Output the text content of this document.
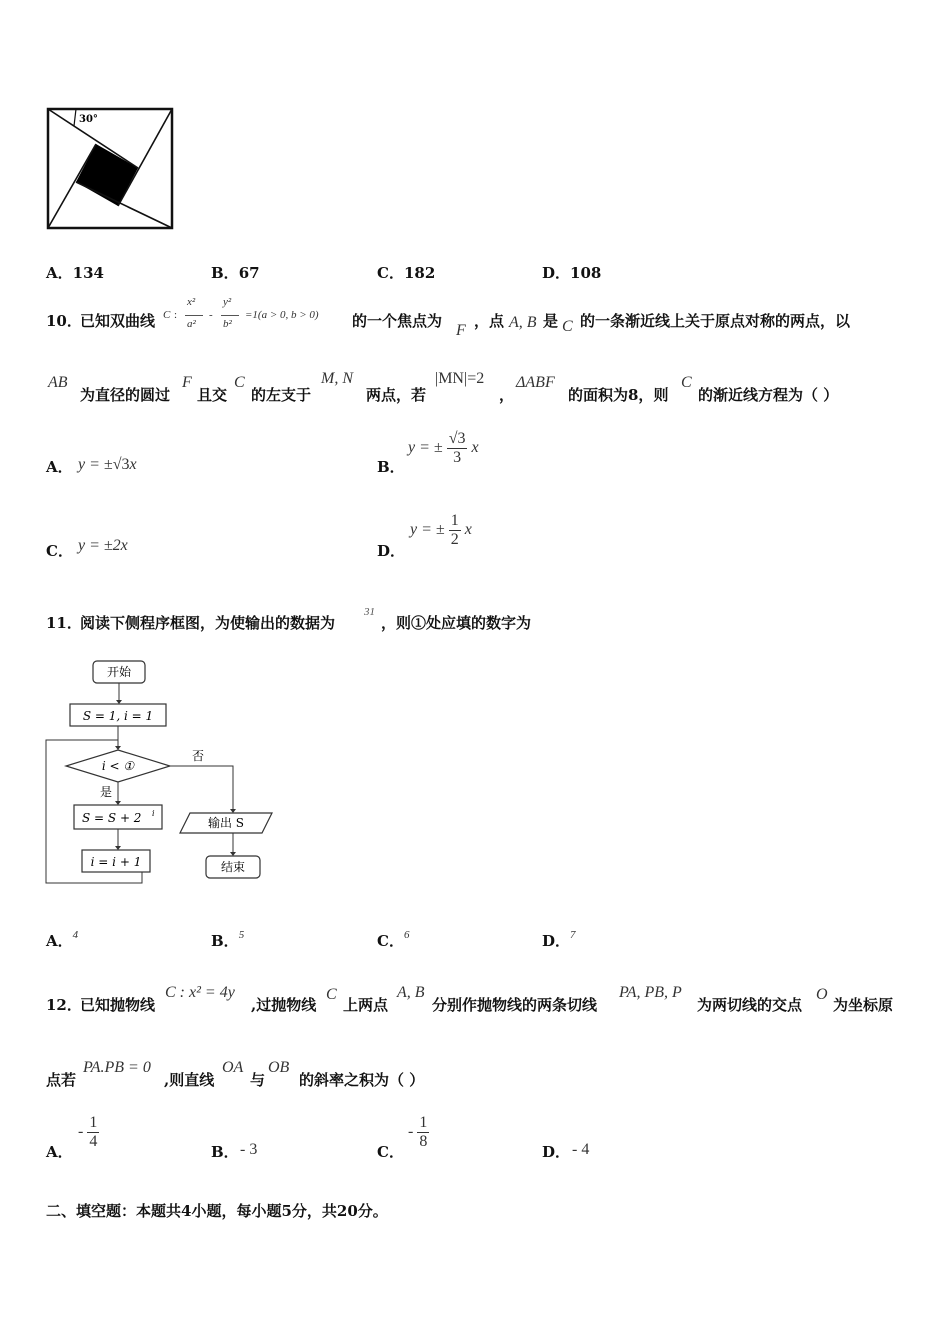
30°
A．134	B．67	C．182	D．108
10．
已知双曲线 C :
x²
a²
-
y²
b²
=1(a > 0, b > 0) 的一个焦点为
F
，点 A, B 是 C 的一条渐近线上关于原点对称的两点，以
AB
为直径的圆过
F
且交
C
的左支于
M, N
两点，若
|MN|=2
，
ΔABF
的面积为8，则
C
的渐近线方程为（ ）
A． y = ±√3x	B．
y = ± $\frac{√3}{3}$ x
C． y = ±2x	D．
y = ± $\frac{1}{2}$ x
11．
阅读下侧程序框图，为使输出的数据为
31
，则①处应填的数字为
开始
S = 1, i = 1
i < ①
否
是
S = S + 2 i
i = i + 1
输出 S
结束
A．$^4$	B．$^5$	C．$^6$	D．$^7$
12．
已知抛物线
C : x² = 4y
,过抛物线
C
上两点
A, B
分别作抛物线的两条切线
PA, PB, P
为两切线的交点
O
为坐标原
点若
PA.PB = 0
,则直线
OA
与
OB
的斜率之积为（ ）
A．
- $\frac{1}{4}$
B． - 3	C．
- $\frac{1}{8}$
D． - 4
二、填空题：本题共4小题，每小题5分，共20分。
